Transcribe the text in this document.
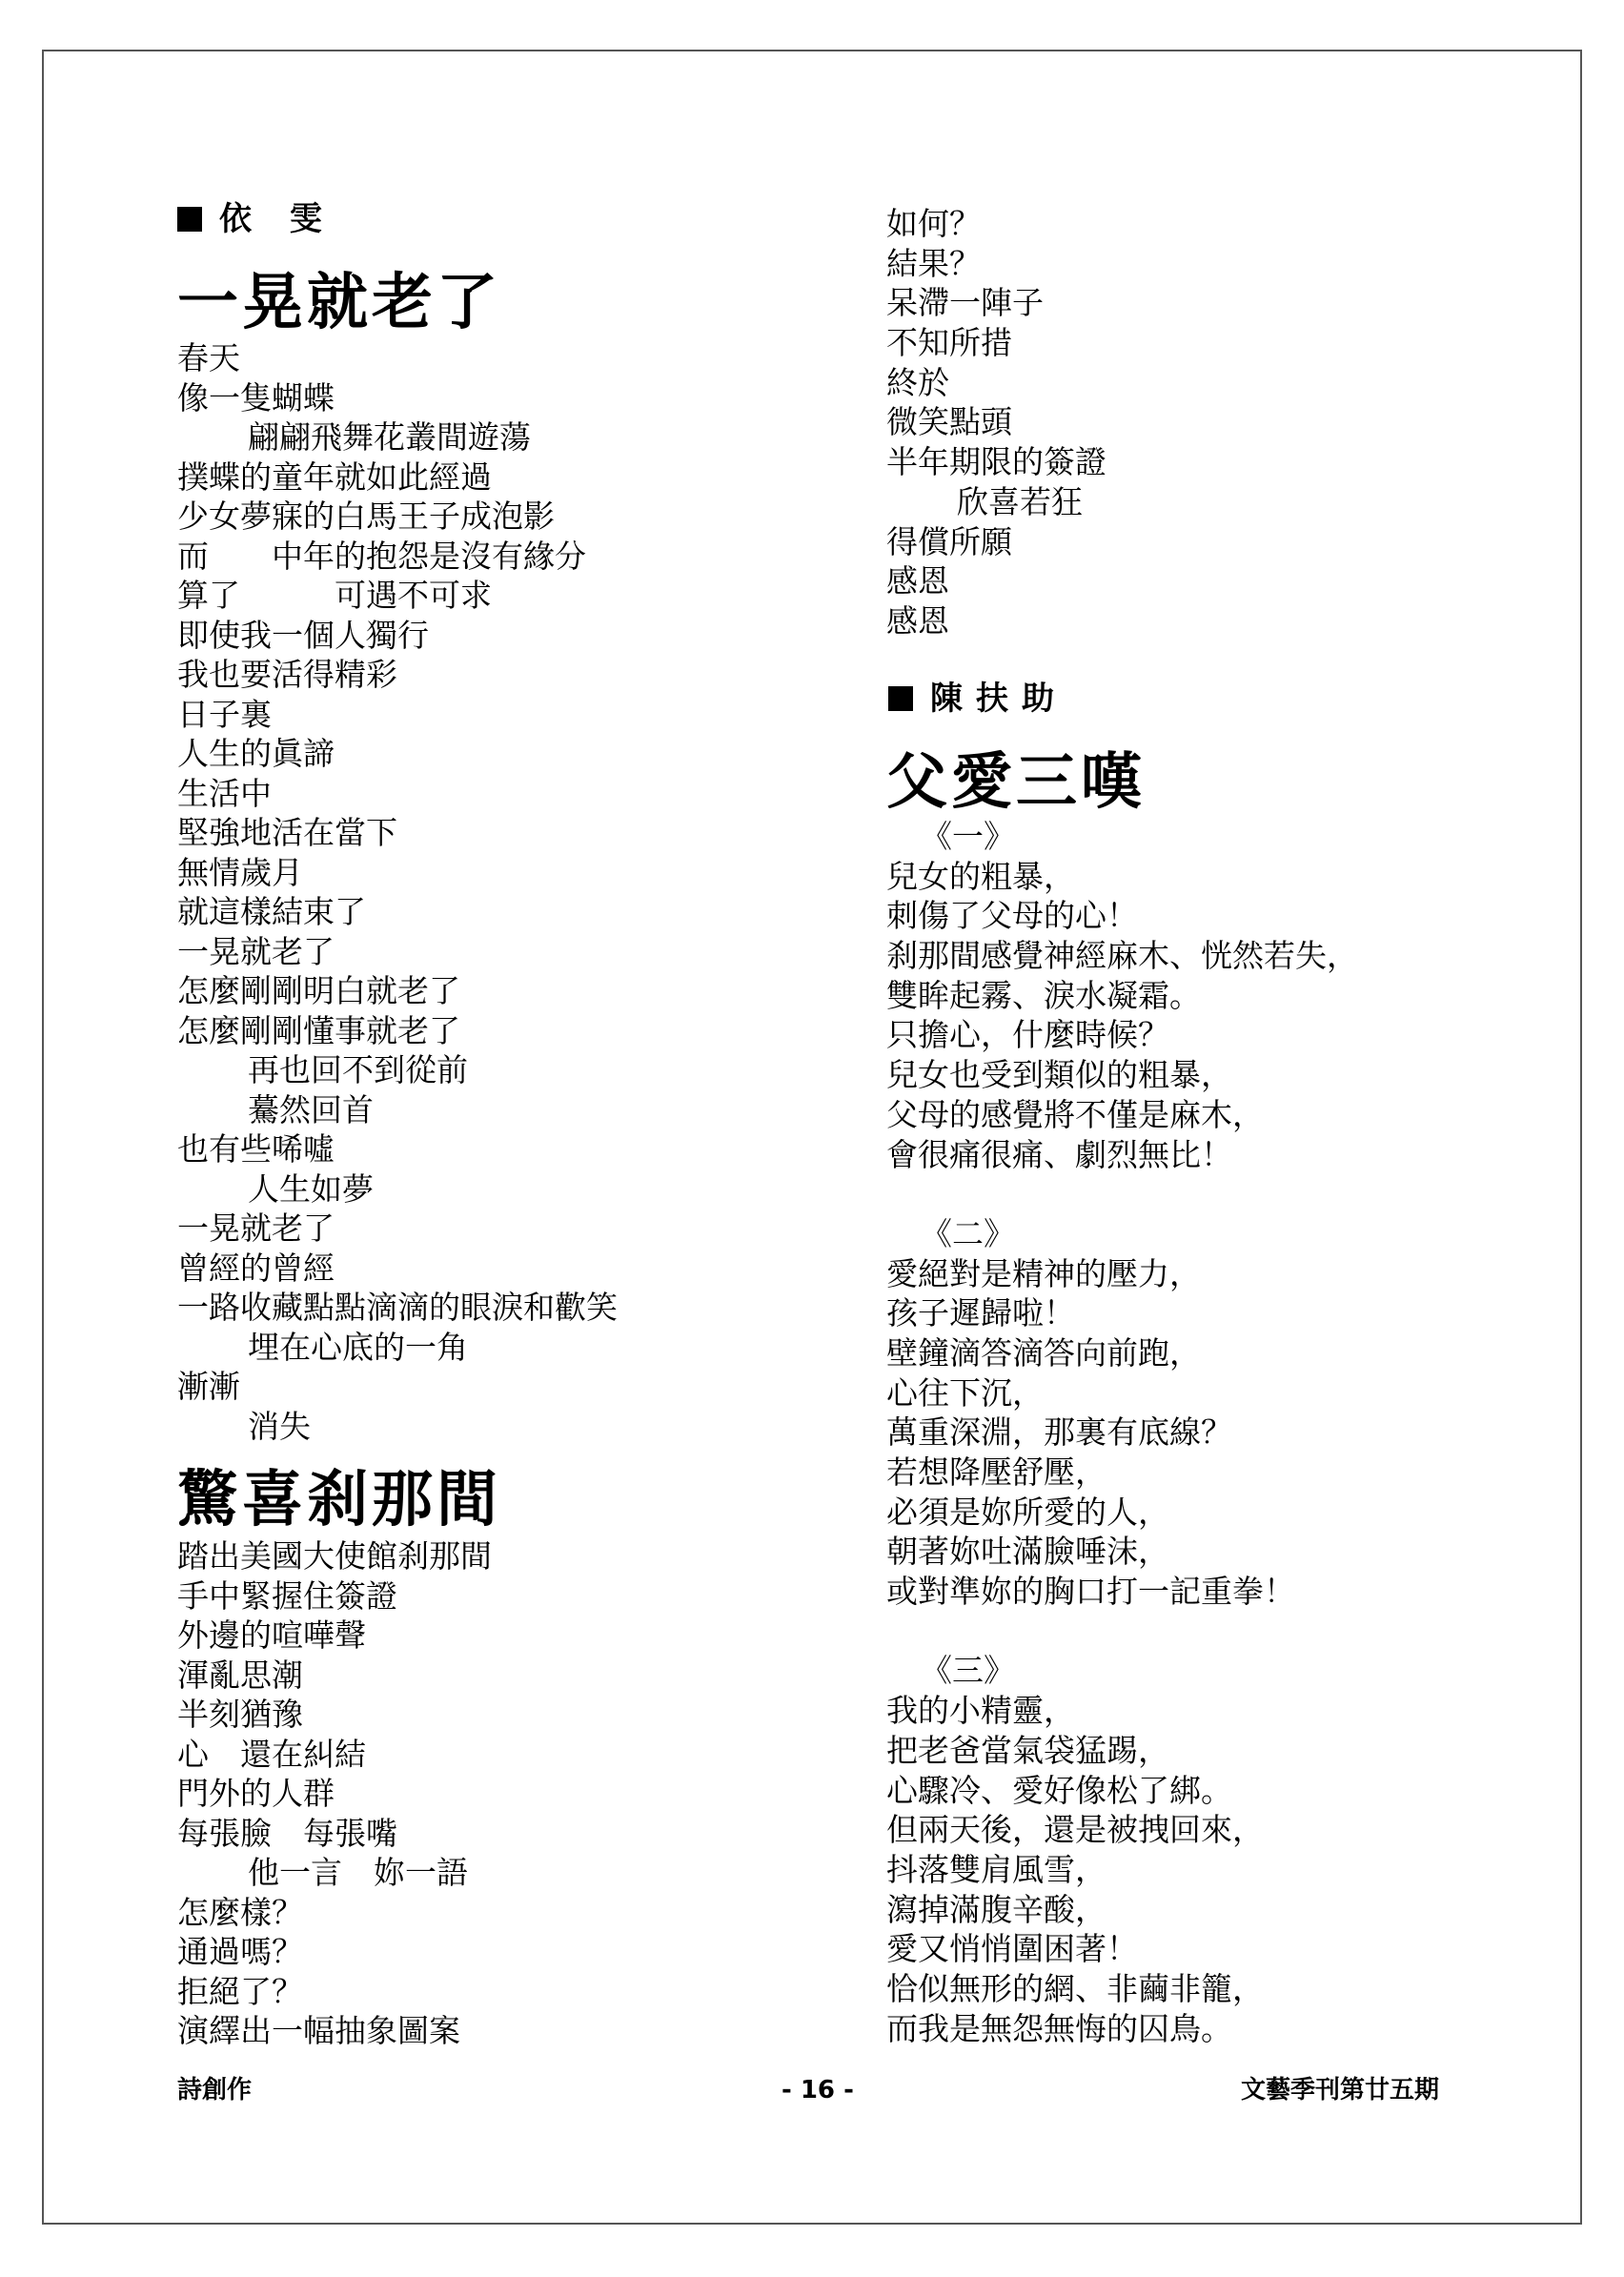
依 雯
一晃就老了
春天
像一隻蝴蝶
翩翩飛舞花叢間遊蕩
撲蝶的童年就如此經過
少女夢寐的白馬王子成泡影
而　　中年的抱怨是沒有緣分
算了　　　可遇不可求
即使我一個人獨行
我也要活得精彩
日子裏
人生的眞諦
生活中
堅強地活在當下
無情歲月
就這樣結束了
一晃就老了
怎麼剛剛明白就老了
怎麼剛剛懂事就老了
再也回不到從前
驀然回首
也有些唏噓
人生如夢
一晃就老了
曾經的曾經
一路收藏點點滴滴的眼淚和歡笑
埋在心底的一角
漸漸
消失
驚喜刹那間
踏出美國大使館刹那間
手中緊握住簽證
外邊的喧嘩聲
渾亂思潮
半刻猶豫
心　還在糾結
門外的人群
每張臉　每張嘴
他一言　妳一語
怎麼樣？
通過嗎？
拒絕了？
演繹出一幅抽象圖案
如何？
結果？
呆滯一陣子
不知所措
終於
微笑點頭
半年期限的簽證
欣喜若狂
得償所願
感恩
感恩
陳扶助
父愛三嘆
《一》
兒女的粗暴，
刺傷了父母的心！
刹那間感覺神經麻木、恍然若失，
雙眸起霧、淚水凝霜。
只擔心，什麼時候？
兒女也受到類似的粗暴，
父母的感覺將不僅是麻木，
會很痛很痛、劇烈無比！
《二》
愛絕對是精神的壓力，
孩子遲歸啦！
壁鐘滴答滴答向前跑，
心往下沉，
萬重深淵，那裏有底線？
若想降壓舒壓，
必須是妳所愛的人，
朝著妳吐滿臉唾沫，
或對準妳的胸口打一記重拳！
《三》
我的小精靈，
把老爸當氣袋猛踢，
心驟冷、愛好像松了綁。
但兩天後，還是被拽回來，
抖落雙肩風雪，
瀉掉滿腹辛酸，
愛又悄悄圍困著！
恰似無形的網、非繭非籠，
而我是無怨無悔的囚鳥。
詩創作	- 16 -	文藝季刊第廿五期
